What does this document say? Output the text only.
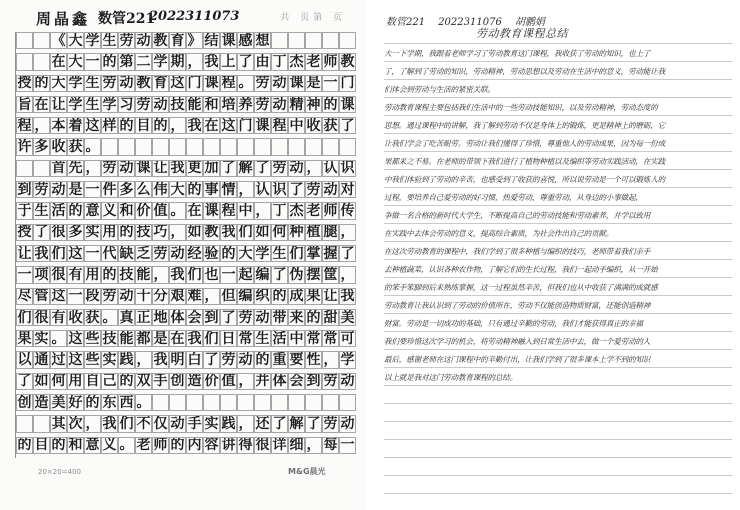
周晶鑫 数管221
2022311073	共 页第 页
《 大 学 生 劳 动 教 育 》 结 课 感 想
在 大 一 的 第 二 学 期 ， 我 上 了 由 丁 杰 老 师 教
授 的 大 学 生 劳 动 教 育 这 门 课 程 。 劳 动 课 是 一 门
旨 在 让 学 生 学 习 劳 动 技 能 和 培 养 劳 动 精 神 的 课
程 ， 本 着 这 样 的 目 的 ， 我 在 这 门 课 程 中 收 获 了
许 多 收 获 。
首 先 ， 劳 动 课 让 我 更 加 了 解 了 劳 动 ， 认 识
到 劳 动 是 一 件 多 么 伟 大 的 事 情 ， 认 识 了 劳 动 对
于 生 活 的 意 义 和 价 值 。 在 课 程 中 ， 丁 杰 老 师 传
授 了 很 多 实 用 的 技 巧 ， 如 教 我 们 如 何 种 植 腿 ，
让 我 们 这 一 代 缺 乏 劳 动 经 验 的 大 学 生 们 掌 握 了
一 项 很 有 用 的 技 能 ， 我 们 也 一 起 编 了 伪 摆 筐 ，
尽 管 这 一 段 劳 动 十 分 艰 难 ， 但 编 织 的 成 果 让 我
们 很 有 收 获 。 真 正 地 体 会 到 了 劳 动 带 来 的 甜 美
果 实 。 这 些 技 能 都 是 在 我 们 日 常 生 活 中 常 常 可
以 通 过 这 些 实 践 ， 我 明 白 了 劳 动 的 重 要 性 ， 学
了 如 何 用 自 己 的 双 手 创 造 价 值 ， 并 体 会 到 劳 动
创 造 美 好 的 东 西 。
其 次 ， 我 们 不 仅 动 手 实 践 ， 还 了 解 了 劳 动
的 目 的 和 意 义 。 老 师 的 内 容 讲 得 很 详 细 ， 每 一
20×20=400	M&G晨光
数管221 2022311076 胡鹏娟
劳动教育课程总结
大一下学期，我跟着老师学习了劳动教育这门课程，我收获了劳动的知识，也上了
了，了解到了劳动的知识，劳动精神，劳动思想以及劳动在生活中的意义，劳动能让我
们体会到劳动与生活的紧密关联。
劳动教育课程主要包括我们生活中的一些劳动技能知识，以及劳动精神，劳动态度的
思想。通过课程中的讲解，我了解到劳动不仅是身体上的锻炼，更是精神上的磨砺，它
让我们学会了吃苦耐劳。劳动让我们懂得了珍惜，尊重他人的劳动成果，因为每一份成
果都来之不易。在老师的带领下我们进行了植物种植以及编织等劳动实践活动，在实践
中我们体验到了劳动的辛苦，也感受到了收获的喜悦，所以说劳动是一个可以锻炼人的
过程，要培养自己爱劳动的好习惯，热爱劳动，尊重劳动，从身边的小事做起，
争做一名合格的新时代大学生，不断提高自己的劳动技能和劳动素养，并学以致用
在实践中去体会劳动的意义，提高综合素质，为社会作出自己的贡献。
在这次劳动教育的课程中，我们学到了很多种植与编织的技巧，老师带着我们亲手
去种植蔬菜，认识各种农作物，了解它们的生长过程，我们一起动手编织，从一开始
的笨手笨脚到后来熟练掌握，这一过程虽然辛苦，但我们也从中收获了满满的成就感
劳动教育让我认识到了劳动的价值所在，劳动不仅能创造物质财富，还能创造精神
财富。劳动是一切成功的基础，只有通过辛勤的劳动，我们才能获得真正的幸福
我们要珍惜这次学习的机会，将劳动精神融入到日常生活中去，做一个爱劳动的人
最后，感谢老师在这门课程中的辛勤付出，让我们学到了很多课本上学不到的知识
以上就是我对这门劳动教育课程的总结。
